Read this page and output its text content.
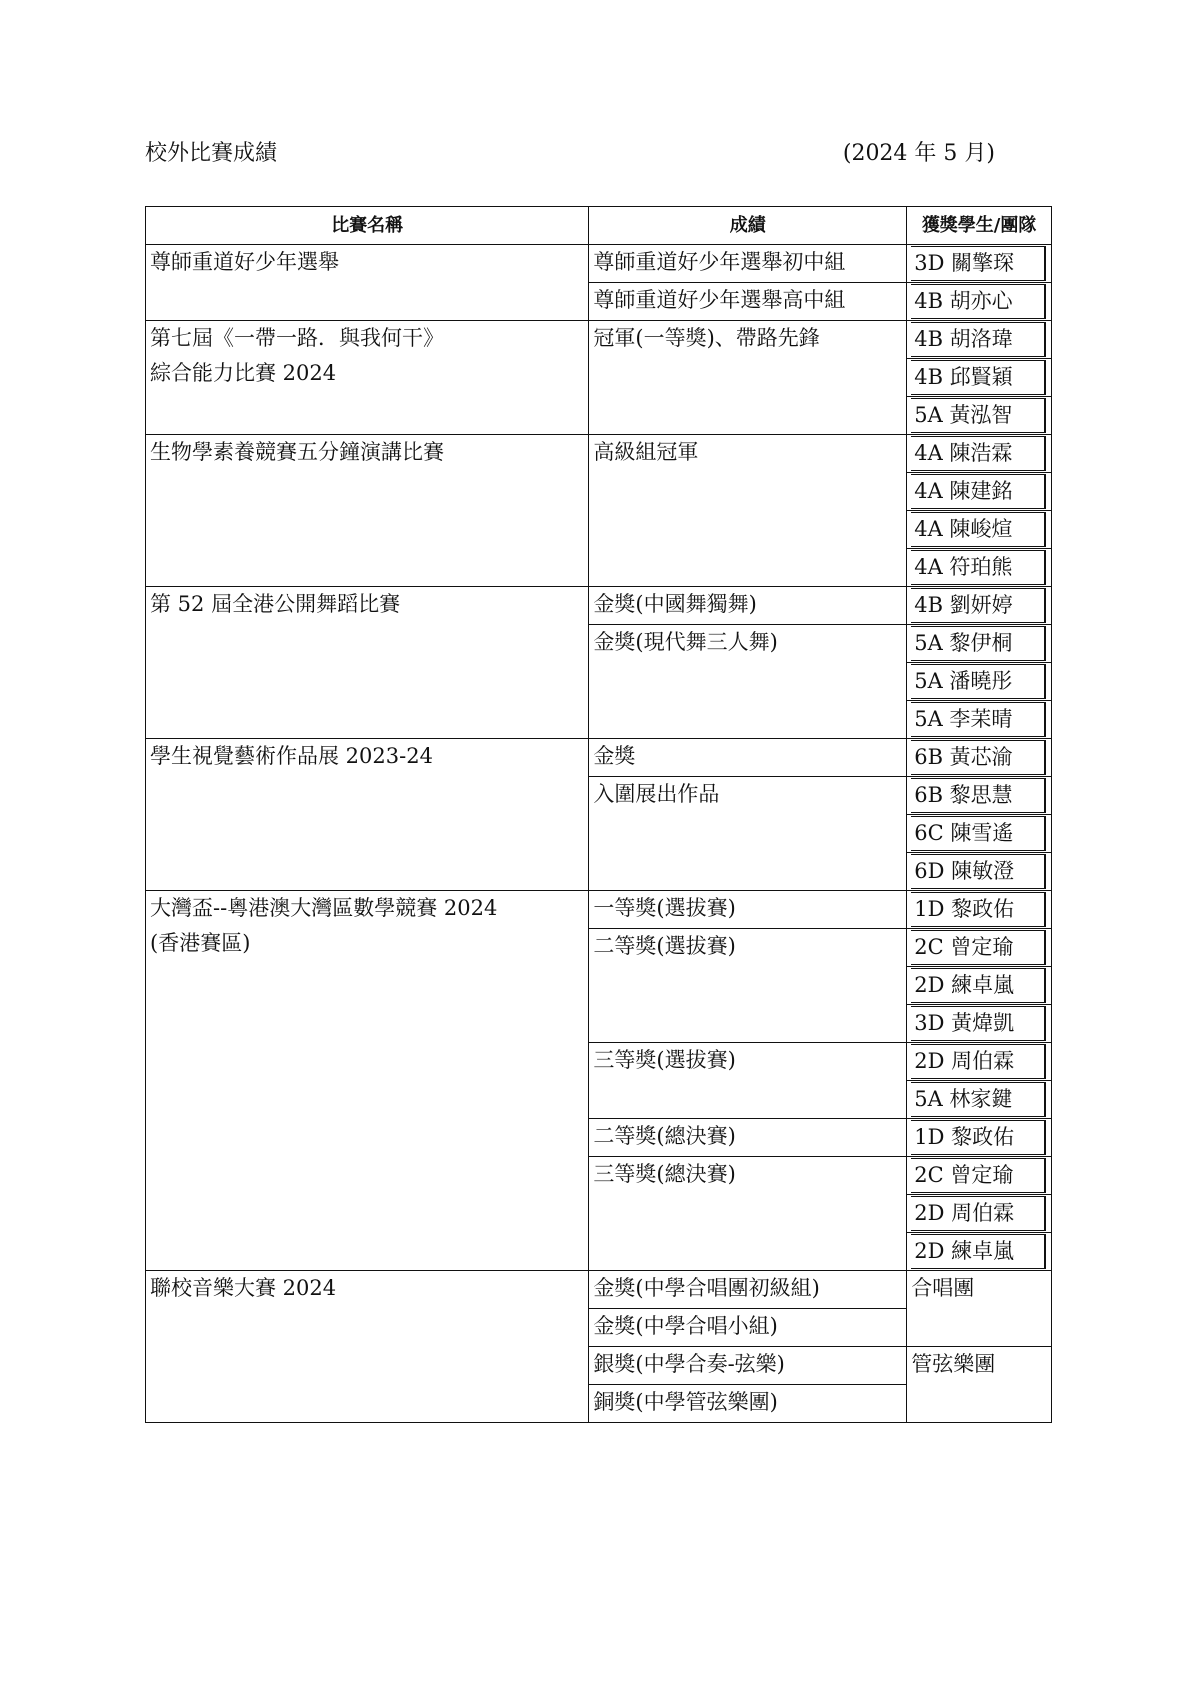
校外比賽成績	(2024 年 5 月)
比賽名稱	成績	獲獎學生/團隊

尊師重道好少年選舉	尊師重道好少年選舉初中組	3D 關擎琛

	尊師重道好少年選舉高中組	4B 胡亦心

第七屆《一帶一路．與我何干》
綜合能力比賽 2024	冠軍(一等獎)、帶路先鋒	4B 胡洛瑋

		4B 邱賢穎

		5A 黃泓智

生物學素養競賽五分鐘演講比賽	高級組冠軍	4A 陳浩霖

		4A 陳建銘

		4A 陳峻煊

		4A 符珀熊

第 52 屆全港公開舞蹈比賽	金獎(中國舞獨舞)	4B 劉妍婷

	金獎(現代舞三人舞)	5A 黎伊桐

		5A 潘曉彤

		5A 李苿晴

學生視覺藝術作品展 2023-24	金獎	6B 黃芯渝

	入圍展出作品	6B 黎思慧

		6C 陳雪遙

		6D 陳敏澄

大灣盃--粵港澳大灣區數學競賽 2024
(香港賽區)	一等獎(選拔賽)	1D 黎政佑

	二等獎(選拔賽)	2C 曾定瑜

		2D 練卓嵐

		3D 黃煒凱

	三等獎(選拔賽)	2D 周伯霖

		5A 林家鍵

	二等獎(總決賽)	1D 黎政佑

	三等獎(總決賽)	2C 曾定瑜

		2D 周伯霖

		2D 練卓嵐

聯校音樂大賽 2024	金獎(中學合唱團初級組)	合唱團
	金獎(中學合唱小組)	
	銀獎(中學合奏-弦樂)	管弦樂團
	銅獎(中學管弦樂團)	
